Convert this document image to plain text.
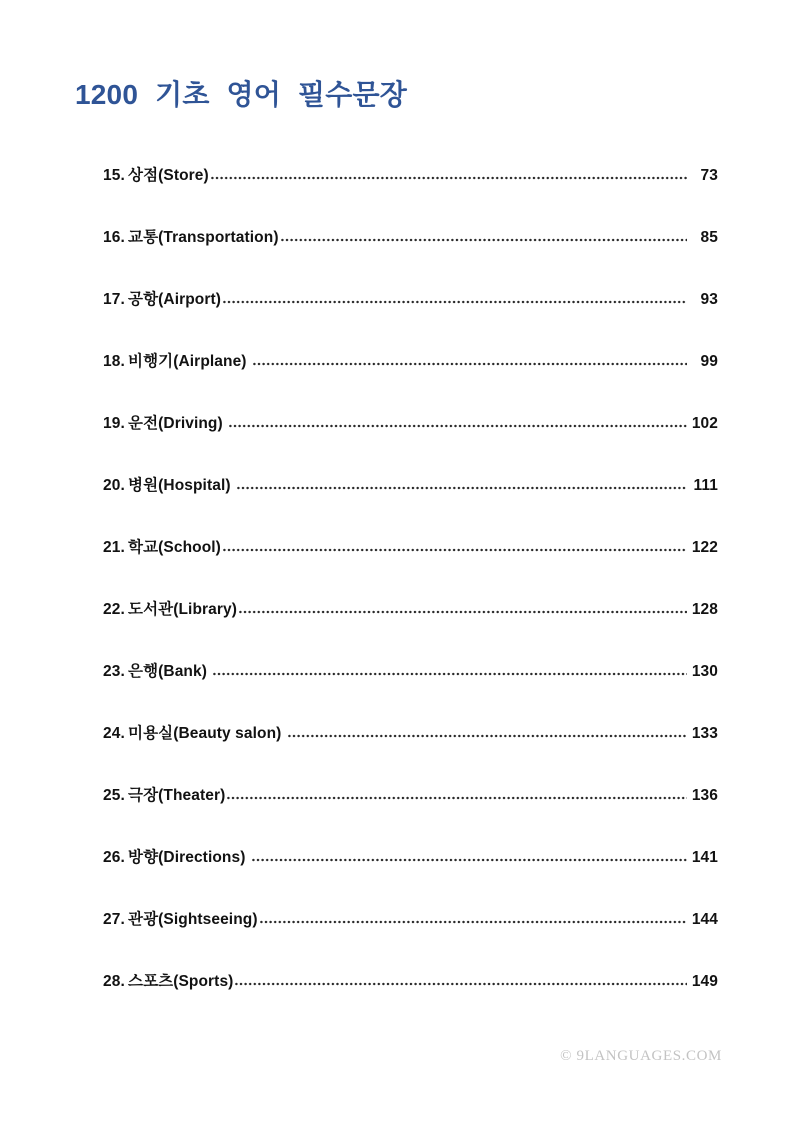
1200 기초 영어 필수문장
15. 상점(Store)	73
16. 교통(Transportation)	85
17. 공항(Airport)	93
18. 비행기(Airplane)	99
19. 운전(Driving)	102
20. 병원(Hospital)	111
21. 학교(School)	122
22. 도서관(Library)	128
23. 은행(Bank)	130
24. 미용실(Beauty salon)	133
25. 극장(Theater)	136
26. 방향(Directions)	141
27. 관광(Sightseeing)	144
28. 스포츠(Sports)	149
© 9LANGUAGES.COM
